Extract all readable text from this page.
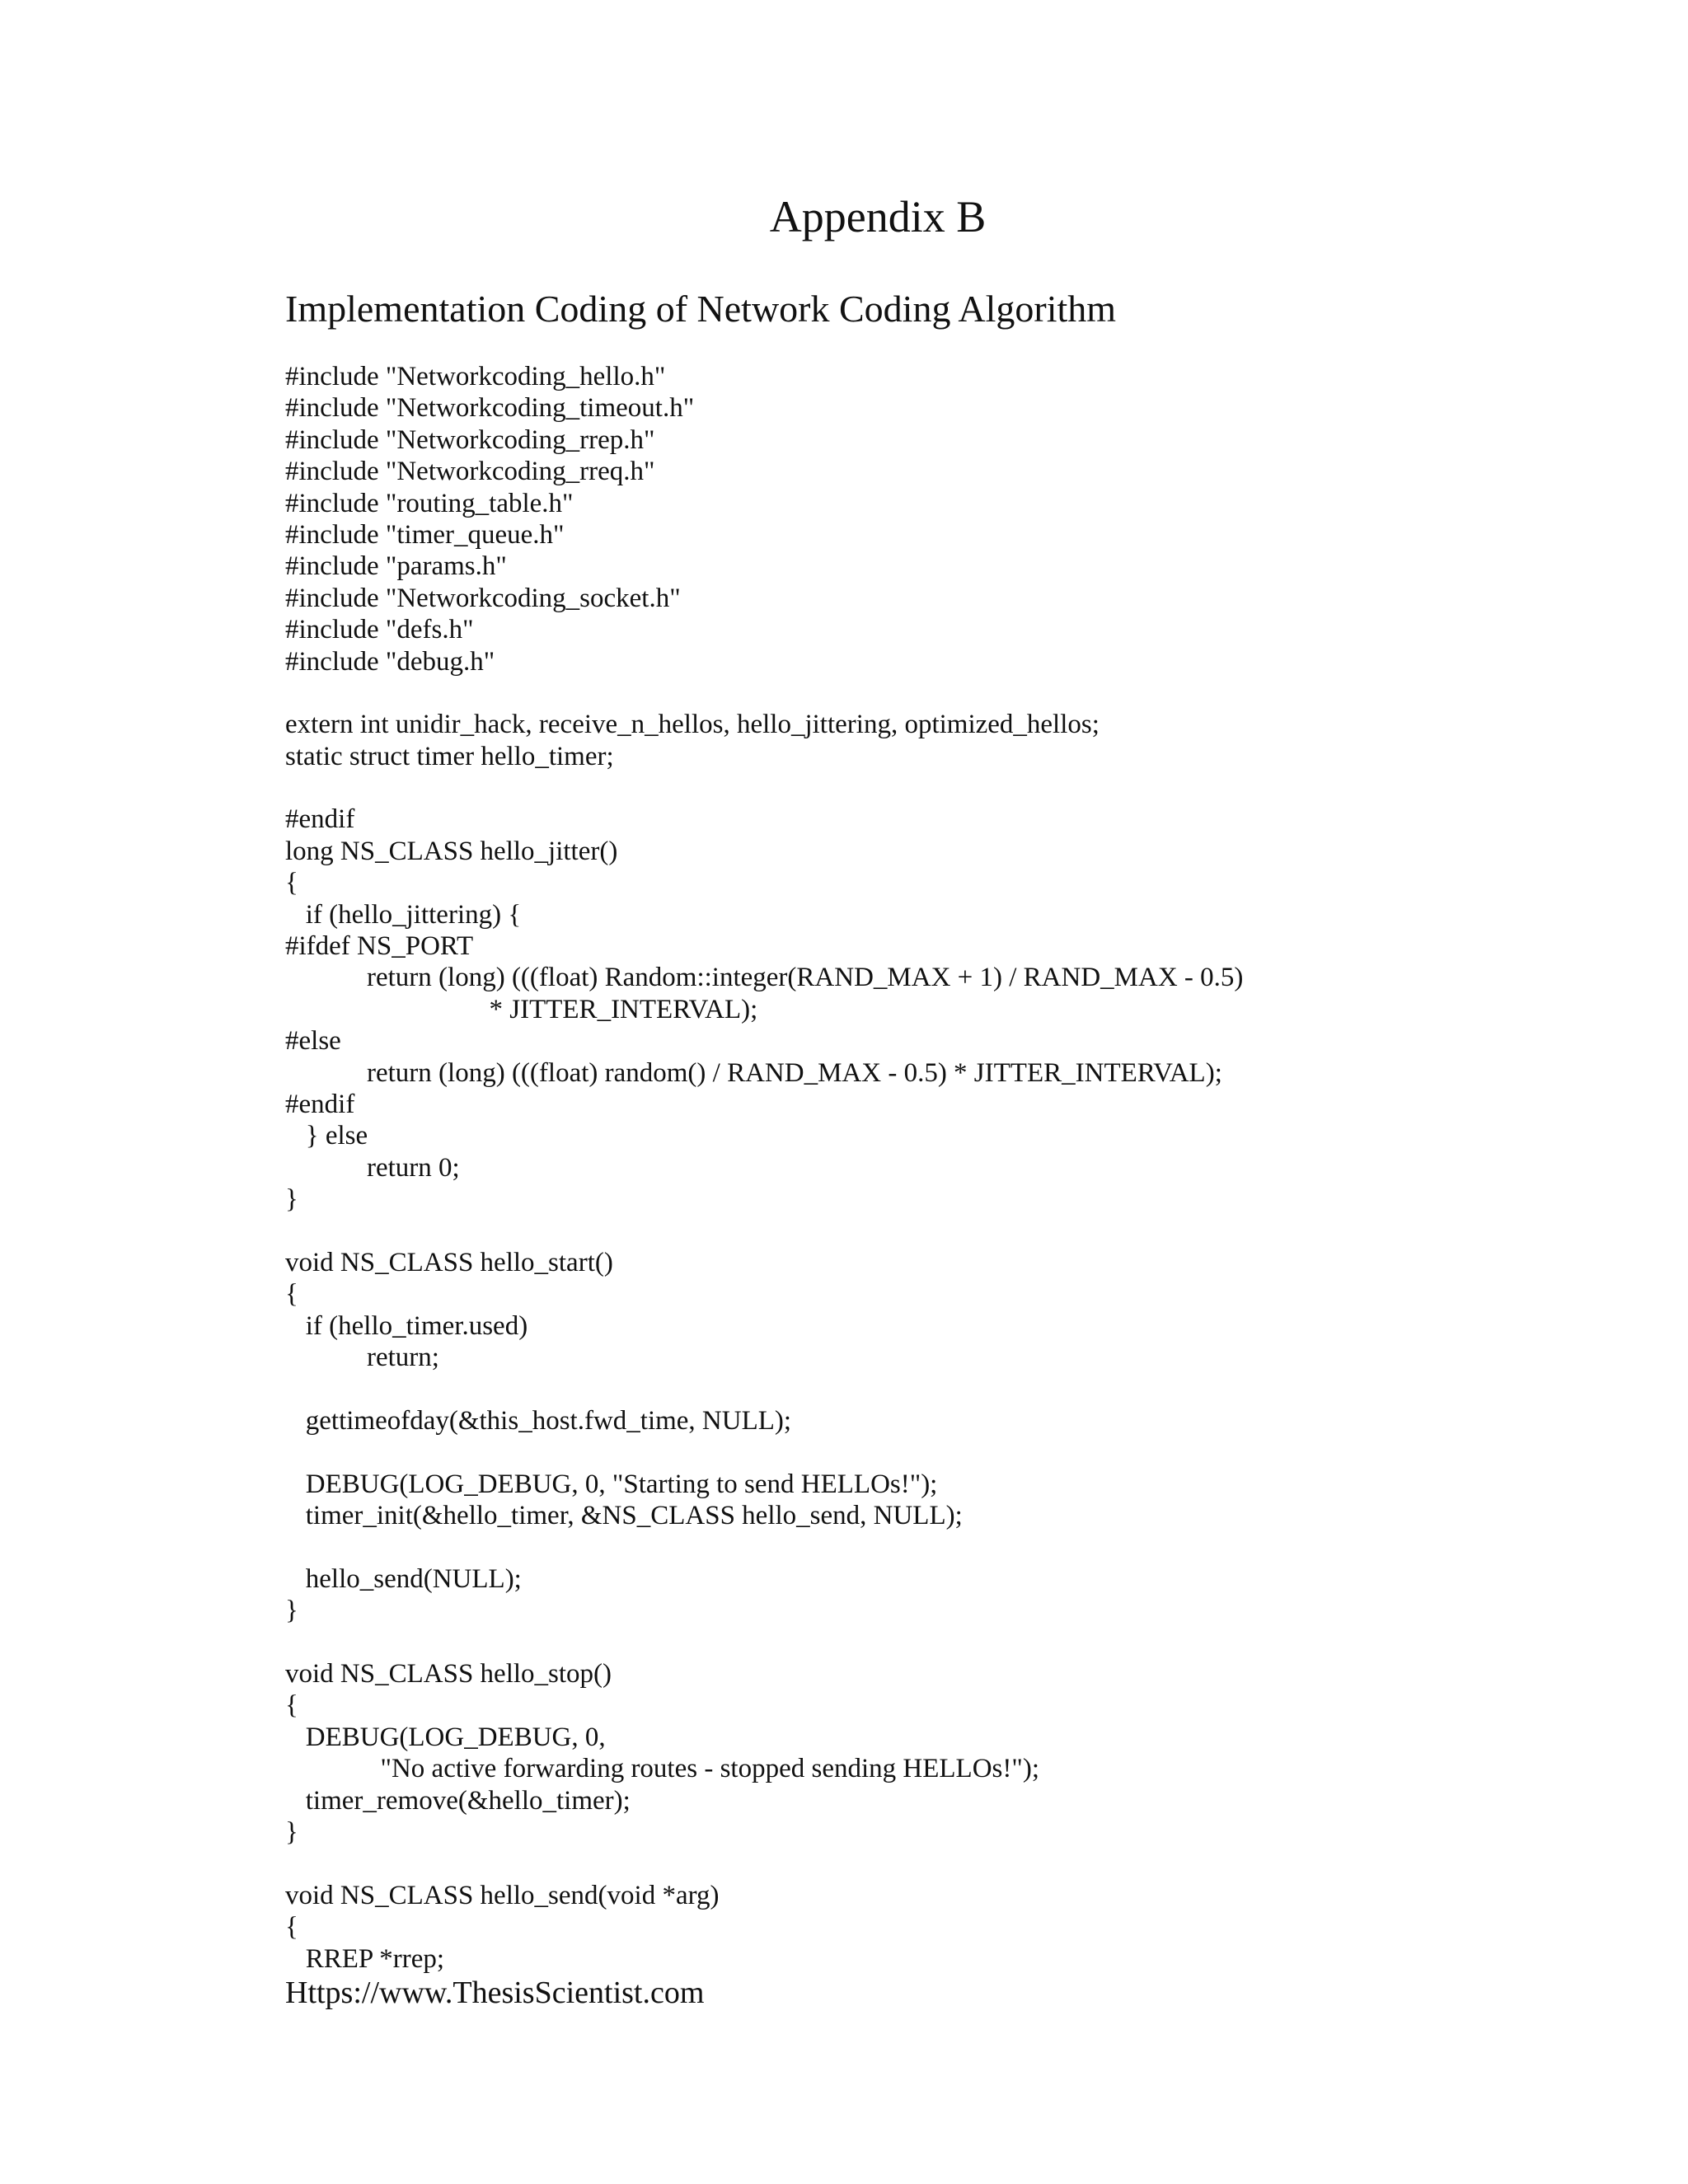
Appendix B
Implementation Coding of Network Coding Algorithm
#include "Networkcoding_hello.h"
#include "Networkcoding_timeout.h"
#include "Networkcoding_rrep.h"
#include "Networkcoding_rreq.h"
#include "routing_table.h"
#include "timer_queue.h"
#include "params.h"
#include "Networkcoding_socket.h"
#include "defs.h"
#include "debug.h"
extern int unidir_hack, receive_n_hellos, hello_jittering, optimized_hellos;
static struct timer hello_timer;
#endif
long NS_CLASS hello_jitter()
{
if (hello_jittering) {
#ifdef NS_PORT
return (long) (((float) Random::integer(RAND_MAX + 1) / RAND_MAX - 0.5)
* JITTER_INTERVAL);
#else
return (long) (((float) random() / RAND_MAX - 0.5) * JITTER_INTERVAL);
#endif
} else
return 0;
}
void NS_CLASS hello_start()
{
if (hello_timer.used)
return;
gettimeofday(&this_host.fwd_time, NULL);
DEBUG(LOG_DEBUG, 0, "Starting to send HELLOs!");
timer_init(&hello_timer, &NS_CLASS hello_send, NULL);
hello_send(NULL);
}
void NS_CLASS hello_stop()
{
DEBUG(LOG_DEBUG, 0,
"No active forwarding routes - stopped sending HELLOs!");
timer_remove(&hello_timer);
}
void NS_CLASS hello_send(void *arg)
{
RREP *rrep;
Https://www.ThesisScientist.com
